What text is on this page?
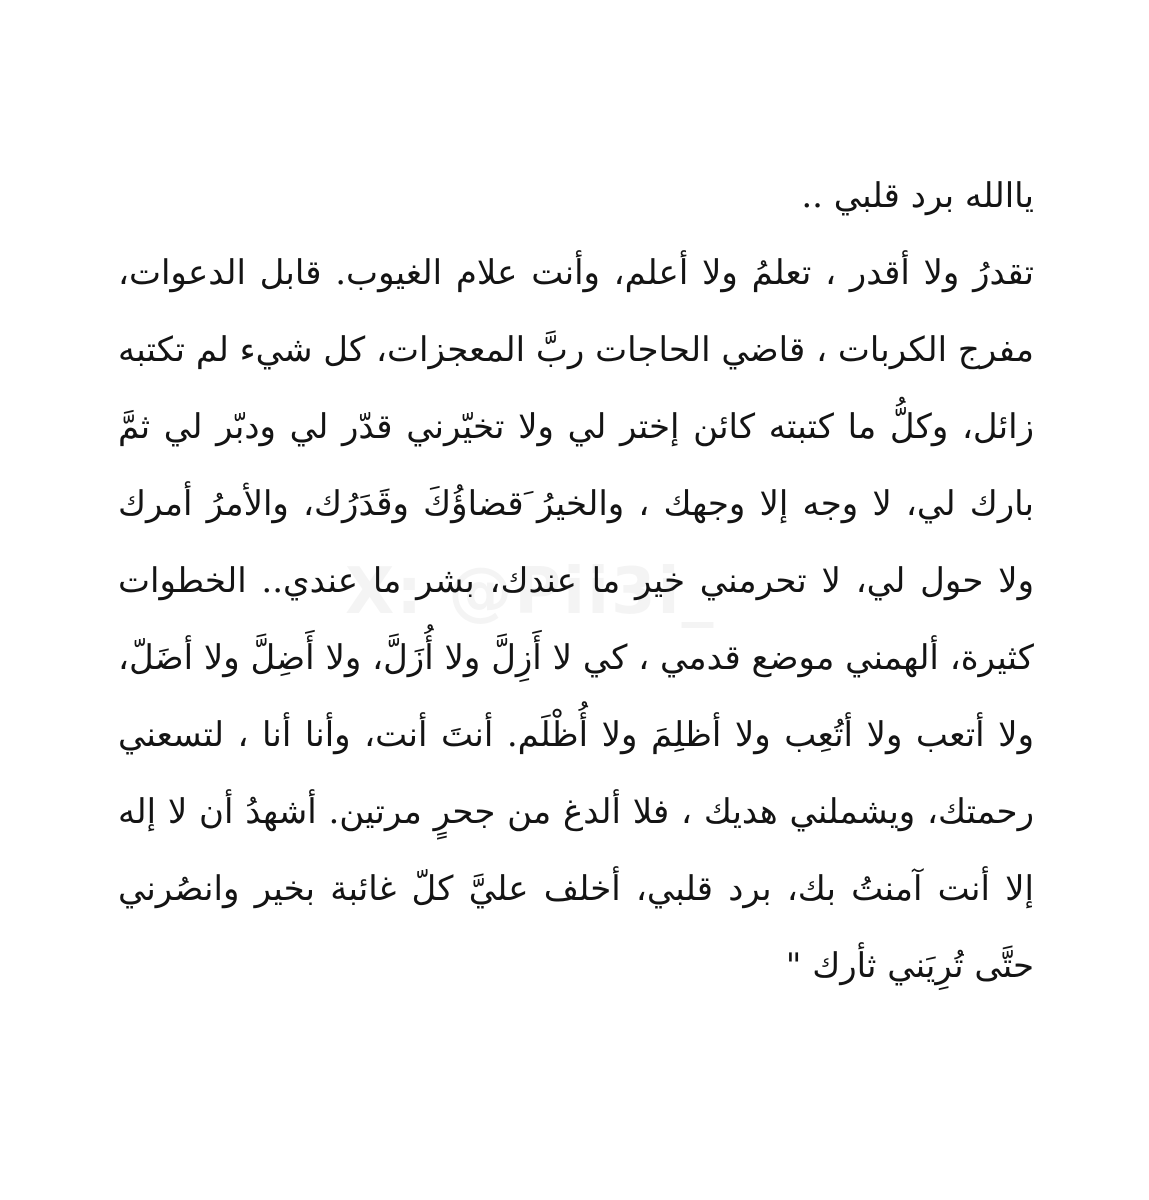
ياالله برد قلبي ..
تقدرُ ولا أقدر ، تعلمُ ولا أعلم، وأنت علام الغيوب. قابل الدعوات،
مفرج الكربات ، قاضي الحاجات ربَّ المعجزات، كل شيء لم تكتبه
زائل، وكلُّ ما كتبته كائن إختر لي ولا تخيّرني قدّر لي ودبّر لي ثمَّ
بارك لي، لا وجه إلا وجهك ، والخيرُ َقضاؤُكَ وقَدَرُك، والأمرُ أمرك
ولا حول لي، لا تحرمني خير ما عندك، بشر ما عندي.. الخطوات
كثيرة، ألهمني موضع قدمي ، كي لا أَزِلَّ ولا أُزَلَّ، ولا أَضِلَّ ولا أضَلّ،
ولا أتعب ولا أتُعِب ولا أظلِمَ ولا أُظْلَم. أنتَ أنت، وأنا أنا ، لتسعني
رحمتك، ويشملني هديك ، فلا ألدغ من جحرٍ مرتين. أشهدُ أن لا إله
إلا أنت آمنتُ بك، برد قلبي، أخلف عليَّ كلّ غائبة بخير وانصُرني
حتَّى تُرِيَني ثأرك "
